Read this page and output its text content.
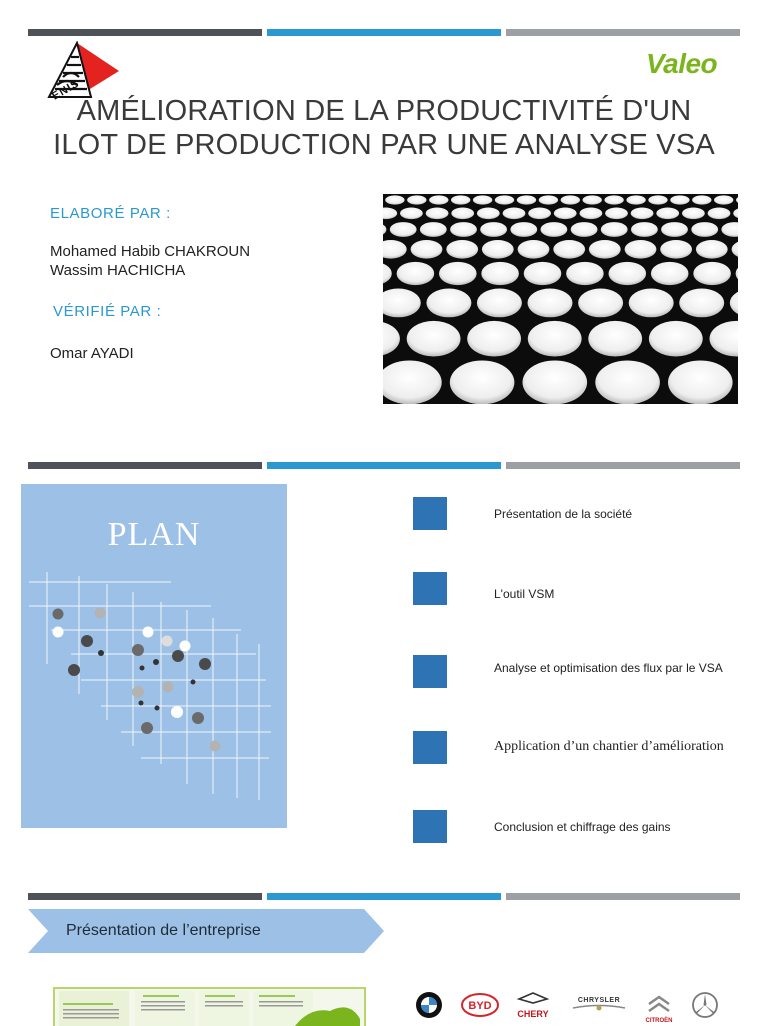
ENIS
Valeo
AMÉLIORATION DE LA PRODUCTIVITÉ D'UN
ILOT DE PRODUCTION PAR UNE ANALYSE VSA
ELABORÉ PAR :
Mohamed Habib CHAKROUN
Wassim HACHICHA
VÉRIFIÉ PAR :
Omar AYADI
PLAN
Présentation de la société
L'outil VSM
Analyse et optimisation des flux par le VSA
Application d’un chantier d’amélioration
Conclusion et chiffrage des gains
Présentation de l’entreprise
BYD
CHERY
CHRYSLER
CITROËN
